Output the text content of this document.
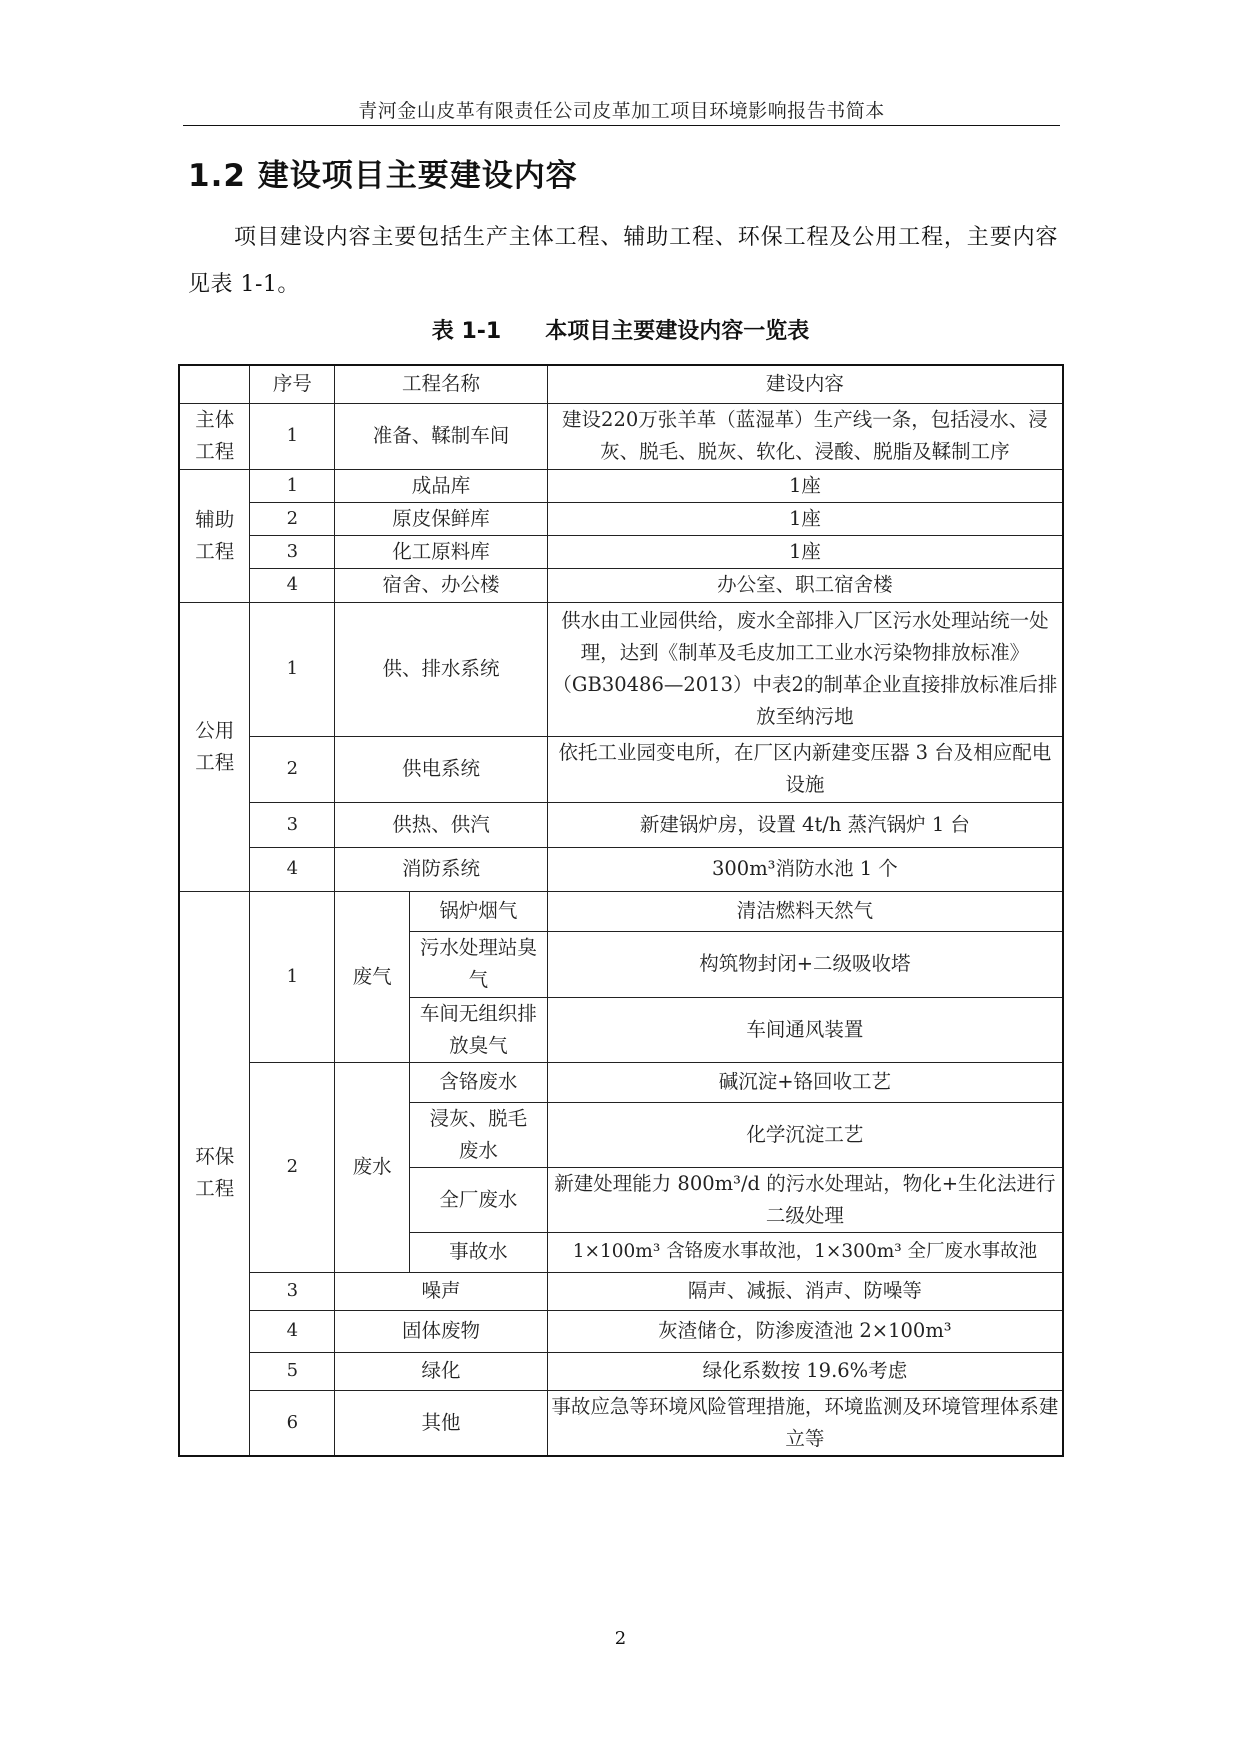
青河金山皮革有限责任公司皮革加工项目环境影响报告书简本
1.2 建设项目主要建设内容
项目建设内容主要包括生产主体工程、辅助工程、环保工程及公用工程，主要内容见表 1-1。
表 1-1 本项目主要建设内容一览表
	序号	工程名称		建设内容
主体工程	1	准备、鞣制车间		建设220万张羊革（蓝湿革）生产线一条，包括浸水、浸灰、脱毛、脱灰、软化、浸酸、脱脂及鞣制工序
辅助工程	1	成品库		1座
	2	原皮保鲜库		1座
	3	化工原料库		1座
	4	宿舍、办公楼		办公室、职工宿舍楼
公用工程	1	供、排水系统		供水由工业园供给，废水全部排入厂区污水处理站统一处理，达到《制革及毛皮加工工业水污染物排放标准》（GB30486—2013）中表2的制革企业直接排放标准后排放至纳污地
	2	供电系统		依托工业园变电所，在厂区内新建变压器 3 台及相应配电设施
	3	供热、供汽		新建锅炉房，设置 4t/h 蒸汽锅炉 1 台
	4	消防系统		300m³消防水池 1 个
环保工程	1	废气	锅炉烟气	清洁燃料天然气
			污水处理站臭气	构筑物封闭+二级吸收塔
			车间无组织排放臭气	车间通风装置
	2	废水	含铬废水	碱沉淀+铬回收工艺
			浸灰、脱毛废水	化学沉淀工艺
			全厂废水	新建处理能力 800m³/d 的污水处理站，物化+生化法进行二级处理
			事故水	1×100m³ 含铬废水事故池，1×300m³ 全厂废水事故池
	3	噪声		隔声、减振、消声、防噪等
	4	固体废物		灰渣储仓，防渗废渣池 2×100m³
	5	绿化		绿化系数按 19.6%考虑
	6	其他		事故应急等环境风险管理措施，环境监测及环境管理体系建立等
2
